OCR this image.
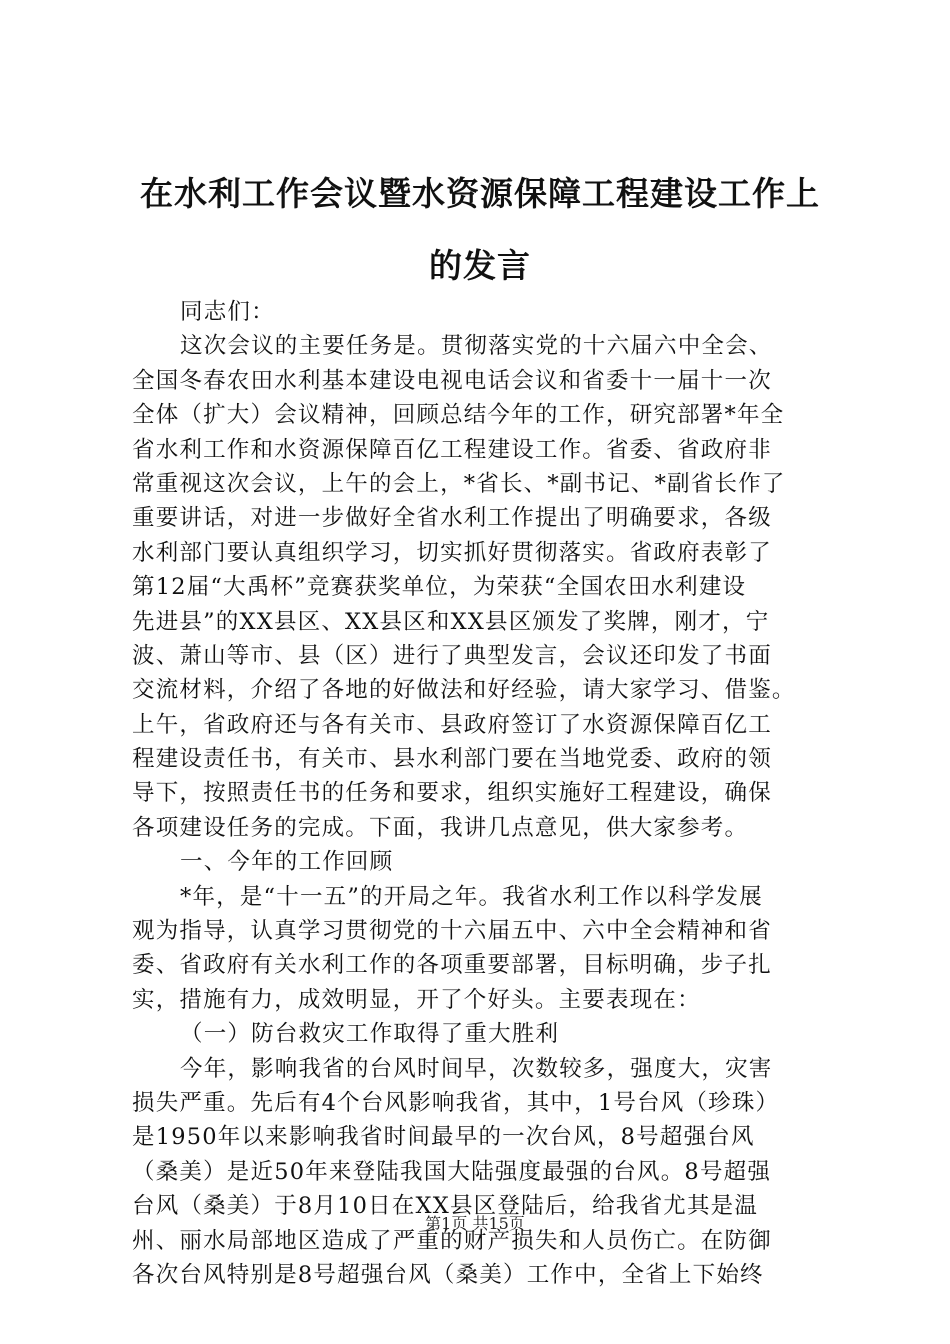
在水利工作会议暨水资源保障工程建设工作上
的发言
同志们：
这次会议的主要任务是。贯彻落实党的十六届六中全会、
全国冬春农田水利基本建设电视电话会议和省委十一届十一次
全体（扩大）会议精神，回顾总结今年的工作，研究部署*年全
省水利工作和水资源保障百亿工程建设工作。省委、省政府非
常重视这次会议，上午的会上，*省长、*副书记、*副省长作了
重要讲话，对进一步做好全省水利工作提出了明确要求，各级
水利部门要认真组织学习，切实抓好贯彻落实。省政府表彰了
第12届“大禹杯”竞赛获奖单位，为荣获“全国农田水利建设
先进县”的XX县区、XX县区和XX县区颁发了奖牌，刚才，宁
波、萧山等市、县（区）进行了典型发言，会议还印发了书面
交流材料，介绍了各地的好做法和好经验，请大家学习、借鉴。
上午，省政府还与各有关市、县政府签订了水资源保障百亿工
程建设责任书，有关市、县水利部门要在当地党委、政府的领
导下，按照责任书的任务和要求，组织实施好工程建设，确保
各项建设任务的完成。下面，我讲几点意见，供大家参考。
一、今年的工作回顾
*年，是“十一五”的开局之年。我省水利工作以科学发展
观为指导，认真学习贯彻党的十六届五中、六中全会精神和省
委、省政府有关水利工作的各项重要部署，目标明确，步子扎
实，措施有力，成效明显，开了个好头。主要表现在：
（一）防台救灾工作取得了重大胜利
今年，影响我省的台风时间早，次数较多，强度大，灾害
损失严重。先后有4个台风影响我省，其中，1号台风（珍珠）
是1950年以来影响我省时间最早的一次台风，8号超强台风
（桑美）是近50年来登陆我国大陆强度最强的台风。8号超强
台风（桑美）于8月10日在XX县区登陆后，给我省尤其是温
州、丽水局部地区造成了严重的财产损失和人员伤亡。在防御
各次台风特别是8号超强台风（桑美）工作中，全省上下始终
第1页 共15页
